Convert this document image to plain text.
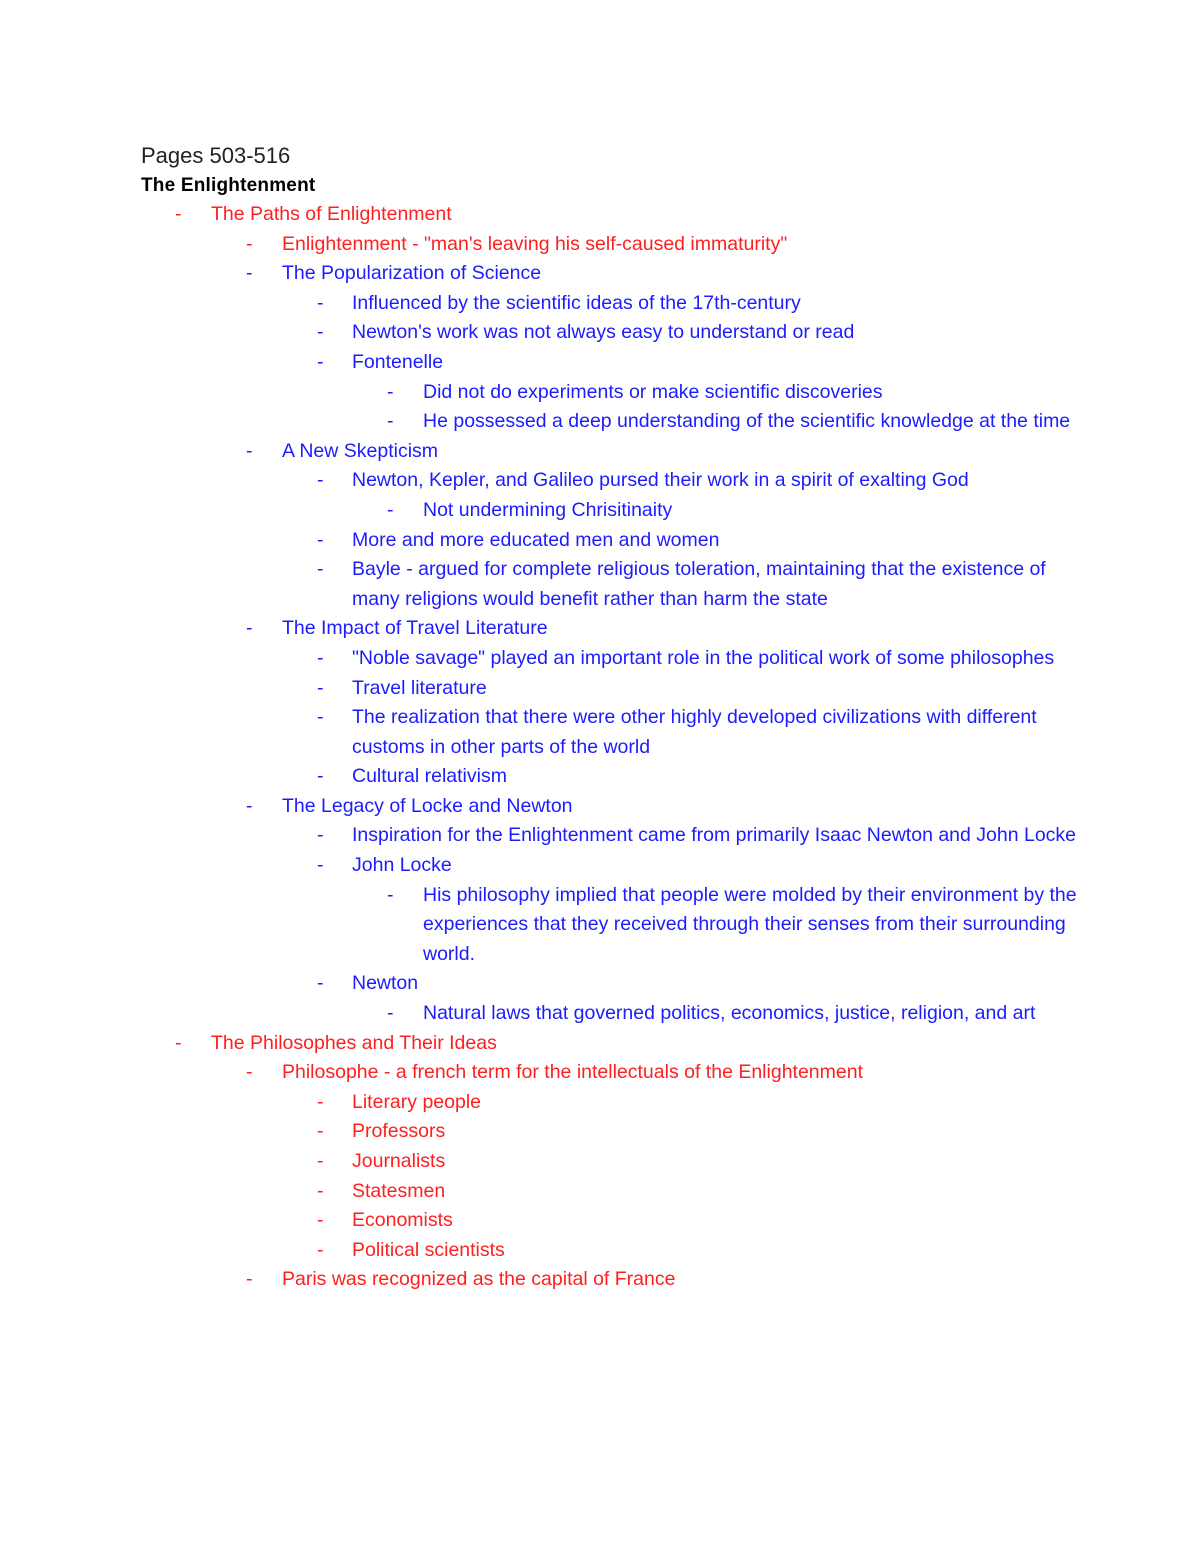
Pages 503-516
The Enlightenment
- The Paths of Enlightenment
- Enlightenment - "man's leaving his self-caused immaturity"
- The Popularization of Science
- Influenced by the scientific ideas of the 17th-century
- Newton's work was not always easy to understand or read
- Fontenelle
- Did not do experiments or make scientific discoveries
- He possessed a deep understanding of the scientific knowledge at the time
- A New Skepticism
- Newton, Kepler, and Galileo pursed their work in a spirit of exalting God
- Not undermining Chrisitinaity
- More and more educated men and women
- Bayle - argued for complete religious toleration, maintaining that the existence of many religions would benefit rather than harm the state
- The Impact of Travel Literature
- "Noble savage" played an important role in the political work of some philosophes
- Travel literature
- The realization that there were other highly developed civilizations with different customs in other parts of the world
- Cultural relativism
- The Legacy of Locke and Newton
- Inspiration for the Enlightenment came from primarily Isaac Newton and John Locke
- John Locke
- His philosophy implied that people were molded by their environment by the experiences that they received through their senses from their surrounding world.
- Newton
- Natural laws that governed politics, economics, justice, religion, and art
- The Philosophes and Their Ideas
- Philosophe - a french term for the intellectuals of the Enlightenment
- Literary people
- Professors
- Journalists
- Statesmen
- Economists
- Political scientists
- Paris was recognized as the capital of France
